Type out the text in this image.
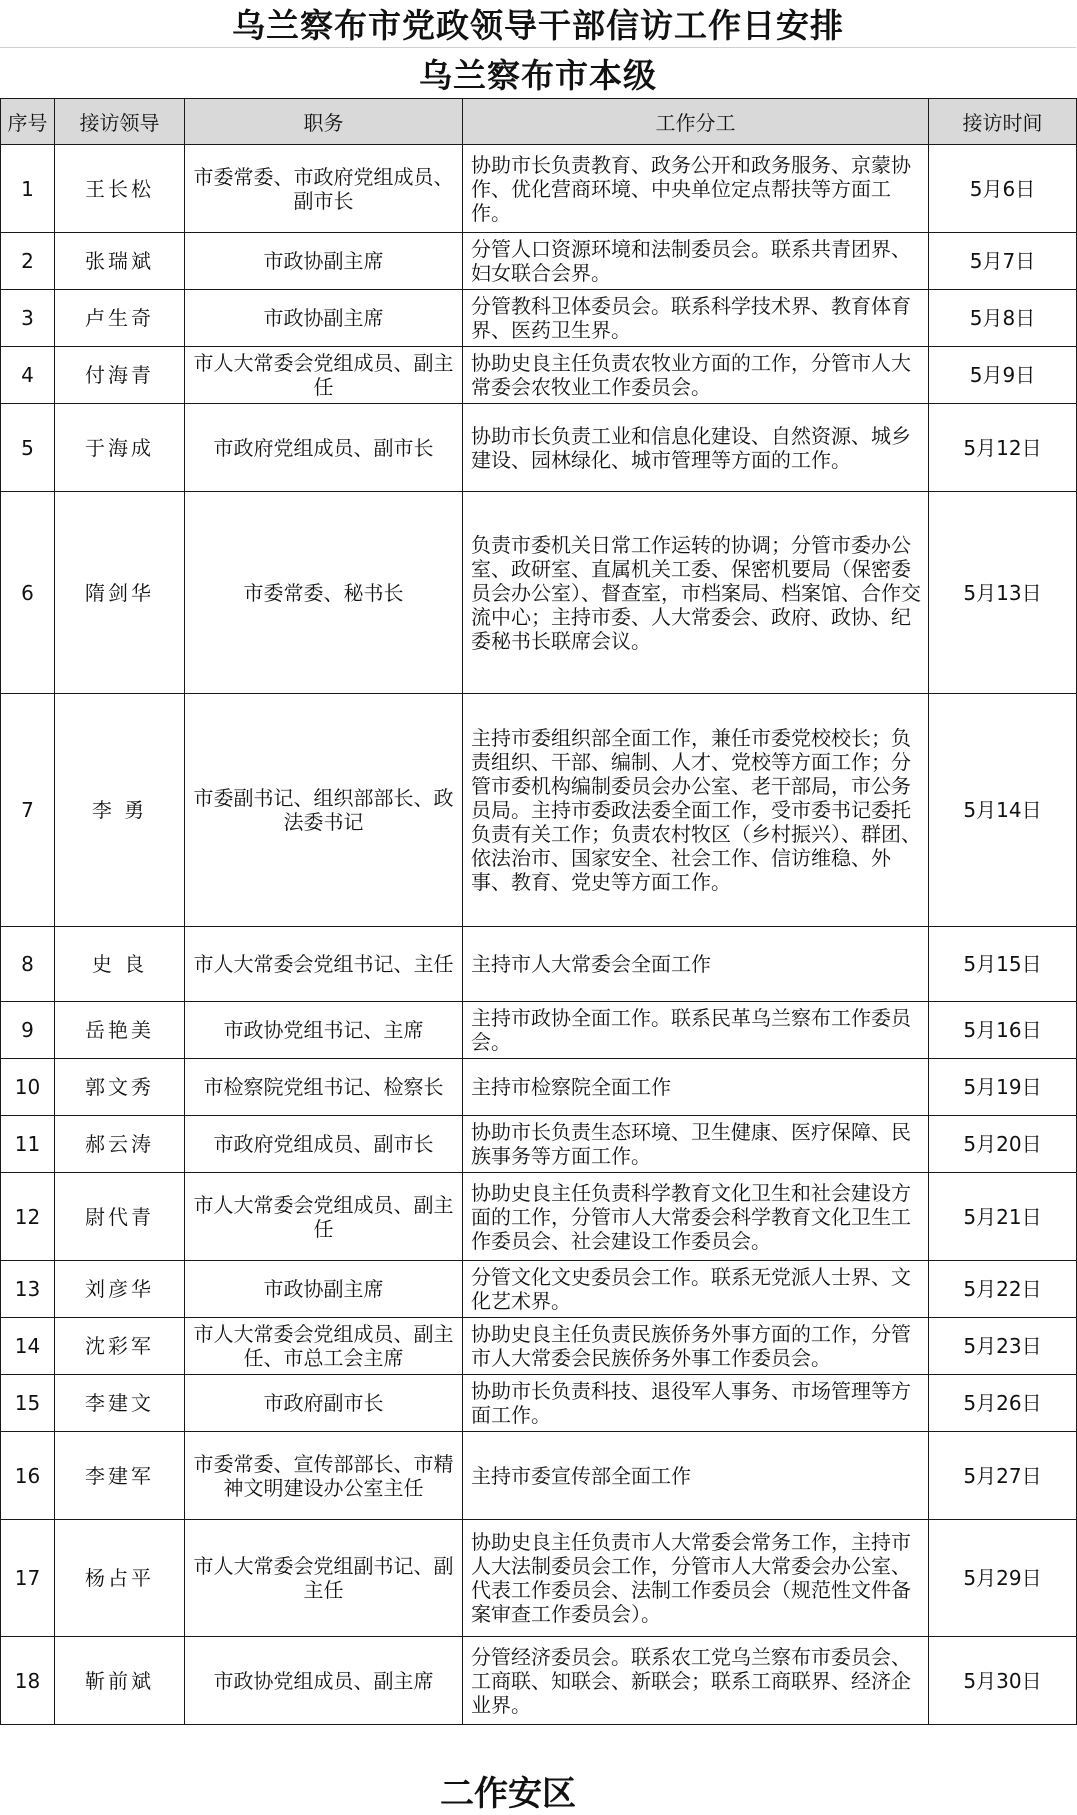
乌兰察布市党政领导干部信访工作日安排
乌兰察布市本级
序号	接访领导	职务	工作分工	接访时间
1	王长松	市委常委、市政府党组成员、副市长	协助市长负责教育、政务公开和政务服务、京蒙协作、优化营商环境、中央单位定点帮扶等方面工作。	5月6日
2	张瑞斌	市政协副主席	分管人口资源环境和法制委员会。联系共青团界、妇女联合会界。	5月7日
3	卢生奇	市政协副主席	分管教科卫体委员会。联系科学技术界、教育体育界、医药卫生界。	5月8日
4	付海青	市人大常委会党组成员、副主任	协助史良主任负责农牧业方面的工作，分管市人大常委会农牧业工作委员会。	5月9日
5	于海成	市政府党组成员、副市长	协助市长负责工业和信息化建设、自然资源、城乡建设、园林绿化、城市管理等方面的工作。	5月12日
6	隋剑华	市委常委、秘书长	负责市委机关日常工作运转的协调；分管市委办公室、政研室、直属机关工委、保密机要局（保密委员会办公室）、督查室，市档案局、档案馆、合作交流中心；主持市委、人大常委会、政府、政协、纪委秘书长联席会议。	5月13日
7	李 勇	市委副书记、组织部部长、政法委书记	主持市委组织部全面工作，兼任市委党校校长；负责组织、干部、编制、人才、党校等方面工作；分管市委机构编制委员会办公室、老干部局，市公务员局。主持市委政法委全面工作，受市委书记委托负责有关工作；负责农村牧区（乡村振兴）、群团、依法治市、国家安全、社会工作、信访维稳、外事、教育、党史等方面工作。	5月14日
8	史 良	市人大常委会党组书记、主任	主持市人大常委会全面工作	5月15日
9	岳艳美	市政协党组书记、主席	主持市政协全面工作。联系民革乌兰察布工作委员会。	5月16日
10	郭文秀	市检察院党组书记、检察长	主持市检察院全面工作	5月19日
11	郝云涛	市政府党组成员、副市长	协助市长负责生态环境、卫生健康、医疗保障、民族事务等方面工作。	5月20日
12	尉代青	市人大常委会党组成员、副主任	协助史良主任负责科学教育文化卫生和社会建设方面的工作，分管市人大常委会科学教育文化卫生工作委员会、社会建设工作委员会。	5月21日
13	刘彦华	市政协副主席	分管文化文史委员会工作。联系无党派人士界、文化艺术界。	5月22日
14	沈彩军	市人大常委会党组成员、副主任、市总工会主席	协助史良主任负责民族侨务外事方面的工作，分管市人大常委会民族侨务外事工作委员会。	5月23日
15	李建文	市政府副市长	协助市长负责科技、退役军人事务、市场管理等方面工作。	5月26日
16	李建军	市委常委、宣传部部长、市精神文明建设办公室主任	主持市委宣传部全面工作	5月27日
17	杨占平	市人大常委会党组副书记、副主任	协助史良主任负责市人大常委会常务工作，主持市人大法制委员会工作，分管市人大常委会办公室、代表工作委员会、法制工作委员会（规范性文件备案审查工作委员会）。	5月29日
18	靳前斌	市政协党组成员、副主席	分管经济委员会。联系农工党乌兰察布市委员会、工商联、知联会、新联会；联系工商联界、经济企业界。	5月30日
二作安区
